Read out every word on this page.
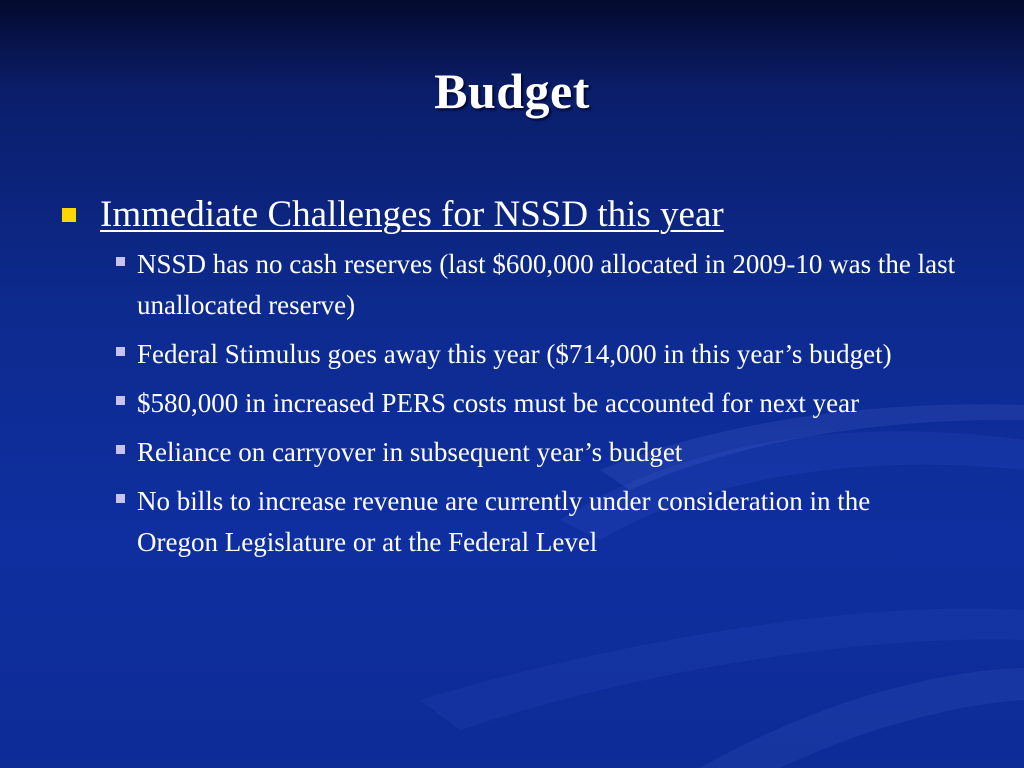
Budget
Immediate Challenges for NSSD this year
NSSD has no cash reserves (last $600,000 allocated in 2009-10 was the last unallocated reserve)
Federal Stimulus goes away this year ($714,000 in this year’s budget)
$580,000 in increased PERS costs must be accounted for next year
Reliance on carryover in subsequent year’s budget
No bills to increase revenue are currently under consideration in the Oregon Legislature or at the Federal Level
